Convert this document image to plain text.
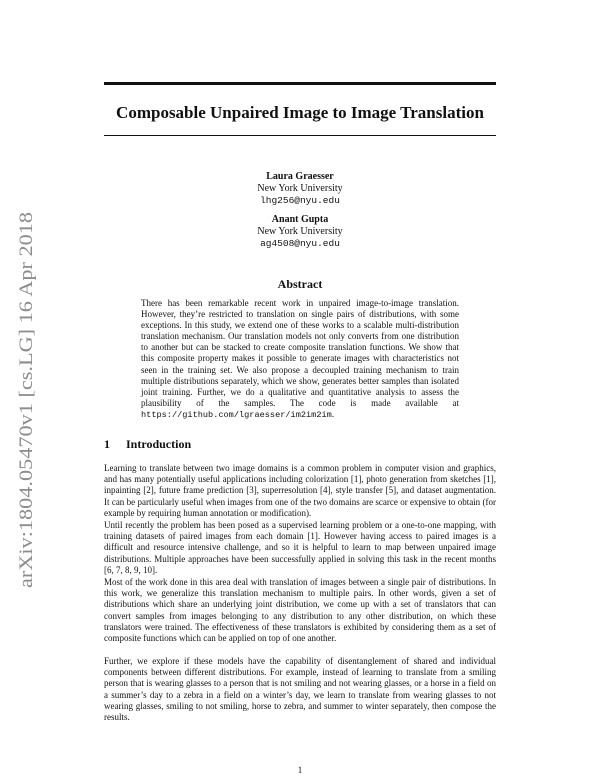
arXiv:1804.05470v1 [cs.LG] 16 Apr 2018
Composable Unpaired Image to Image Translation
Laura Graesser
New York University
lhg256@nyu.edu
Anant Gupta
New York University
ag4508@nyu.edu
Abstract
There has been remarkable recent work in unpaired image-to-image translation. However, they’re restricted to translation on single pairs of distributions, with some exceptions. In this study, we extend one of these works to a scalable multi-distribution translation mechanism. Our translation models not only converts from one distribution to another but can be stacked to create composite translation functions. We show that this composite property makes it possible to generate images with characteristics not seen in the training set. We also propose a decoupled training mechanism to train multiple distributions separately, which we show, generates better samples than isolated joint training. Further, we do a qualitative and quantitative analysis to assess the plausibility of the samples. The code is made available at https://github.com/lgraesser/im2im2im.
1 Introduction

Learning to translate between two image domains is a common problem in computer vision and graphics, and has many potentially useful applications including colorization [1], photo generation from sketches [1], inpainting [2], future frame prediction [3], superresolution [4], style transfer [5], and dataset augmentation. It can be particularly useful when images from one of the two domains are scarce or expensive to obtain (for example by requiring human annotation or modification).

Until recently the problem has been posed as a supervised learning problem or a one-to-one mapping, with training datasets of paired images from each domain [1]. However having access to paired images is a difficult and resource intensive challenge, and so it is helpful to learn to map between unpaired image distributions. Multiple approaches have been successfully applied in solving this task in the recent months [6, 7, 8, 9, 10].

Most of the work done in this area deal with translation of images between a single pair of distributions. In this work, we generalize this translation mechanism to multiple pairs. In other words, given a set of distributions which share an underlying joint distribution, we come up with a set of translators that can convert samples from images belonging to any distribution to any other distribution, on which these translators were trained. The effectiveness of these translators is exhibited by considering them as a set of composite functions which can be applied on top of one another.

Further, we explore if these models have the capability of disentanglement of shared and individual components between different distributions. For example, instead of learning to translate from a smiling person that is wearing glasses to a person that is not smiling and not wearing glasses, or a horse in a field on a summer’s day to a zebra in a field on a winter’s day, we learn to translate from wearing glasses to not wearing glasses, smiling to not smiling, horse to zebra, and summer to winter separately, then compose the results.

1
